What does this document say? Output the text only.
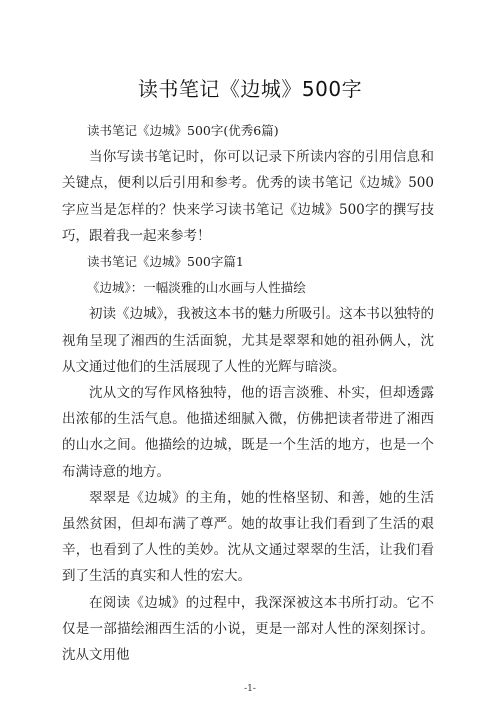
读书笔记《边城》500字

读书笔记《边城》500字(优秀6篇)

当你写读书笔记时，你可以记录下所读内容的引用信息和关键点，便利以后引用和参考。优秀的读书笔记《边城》500字应当是怎样的？快来学习读书笔记《边城》500字的撰写技巧，跟着我一起来参考！

读书笔记《边城》500字篇1

《边城》：一幅淡雅的山水画与人性描绘

初读《边城》，我被这本书的魅力所吸引。这本书以独特的视角呈现了湘西的生活面貌，尤其是翠翠和她的祖孙俩人，沈从文通过他们的生活展现了人性的光辉与暗淡。

沈从文的写作风格独特，他的语言淡雅、朴实，但却透露出浓郁的生活气息。他描述细腻入微，仿佛把读者带进了湘西的山水之间。他描绘的边城，既是一个生活的地方，也是一个布满诗意的地方。

翠翠是《边城》的主角，她的性格坚韧、和善，她的生活虽然贫困，但却布满了尊严。她的故事让我们看到了生活的艰辛，也看到了人性的美妙。沈从文通过翠翠的生活，让我们看到了生活的真实和人性的宏大。

在阅读《边城》的过程中，我深深被这本书所打动。它不仅是一部描绘湘西生活的小说，更是一部对人性的深刻探讨。沈从文用他

-1-
